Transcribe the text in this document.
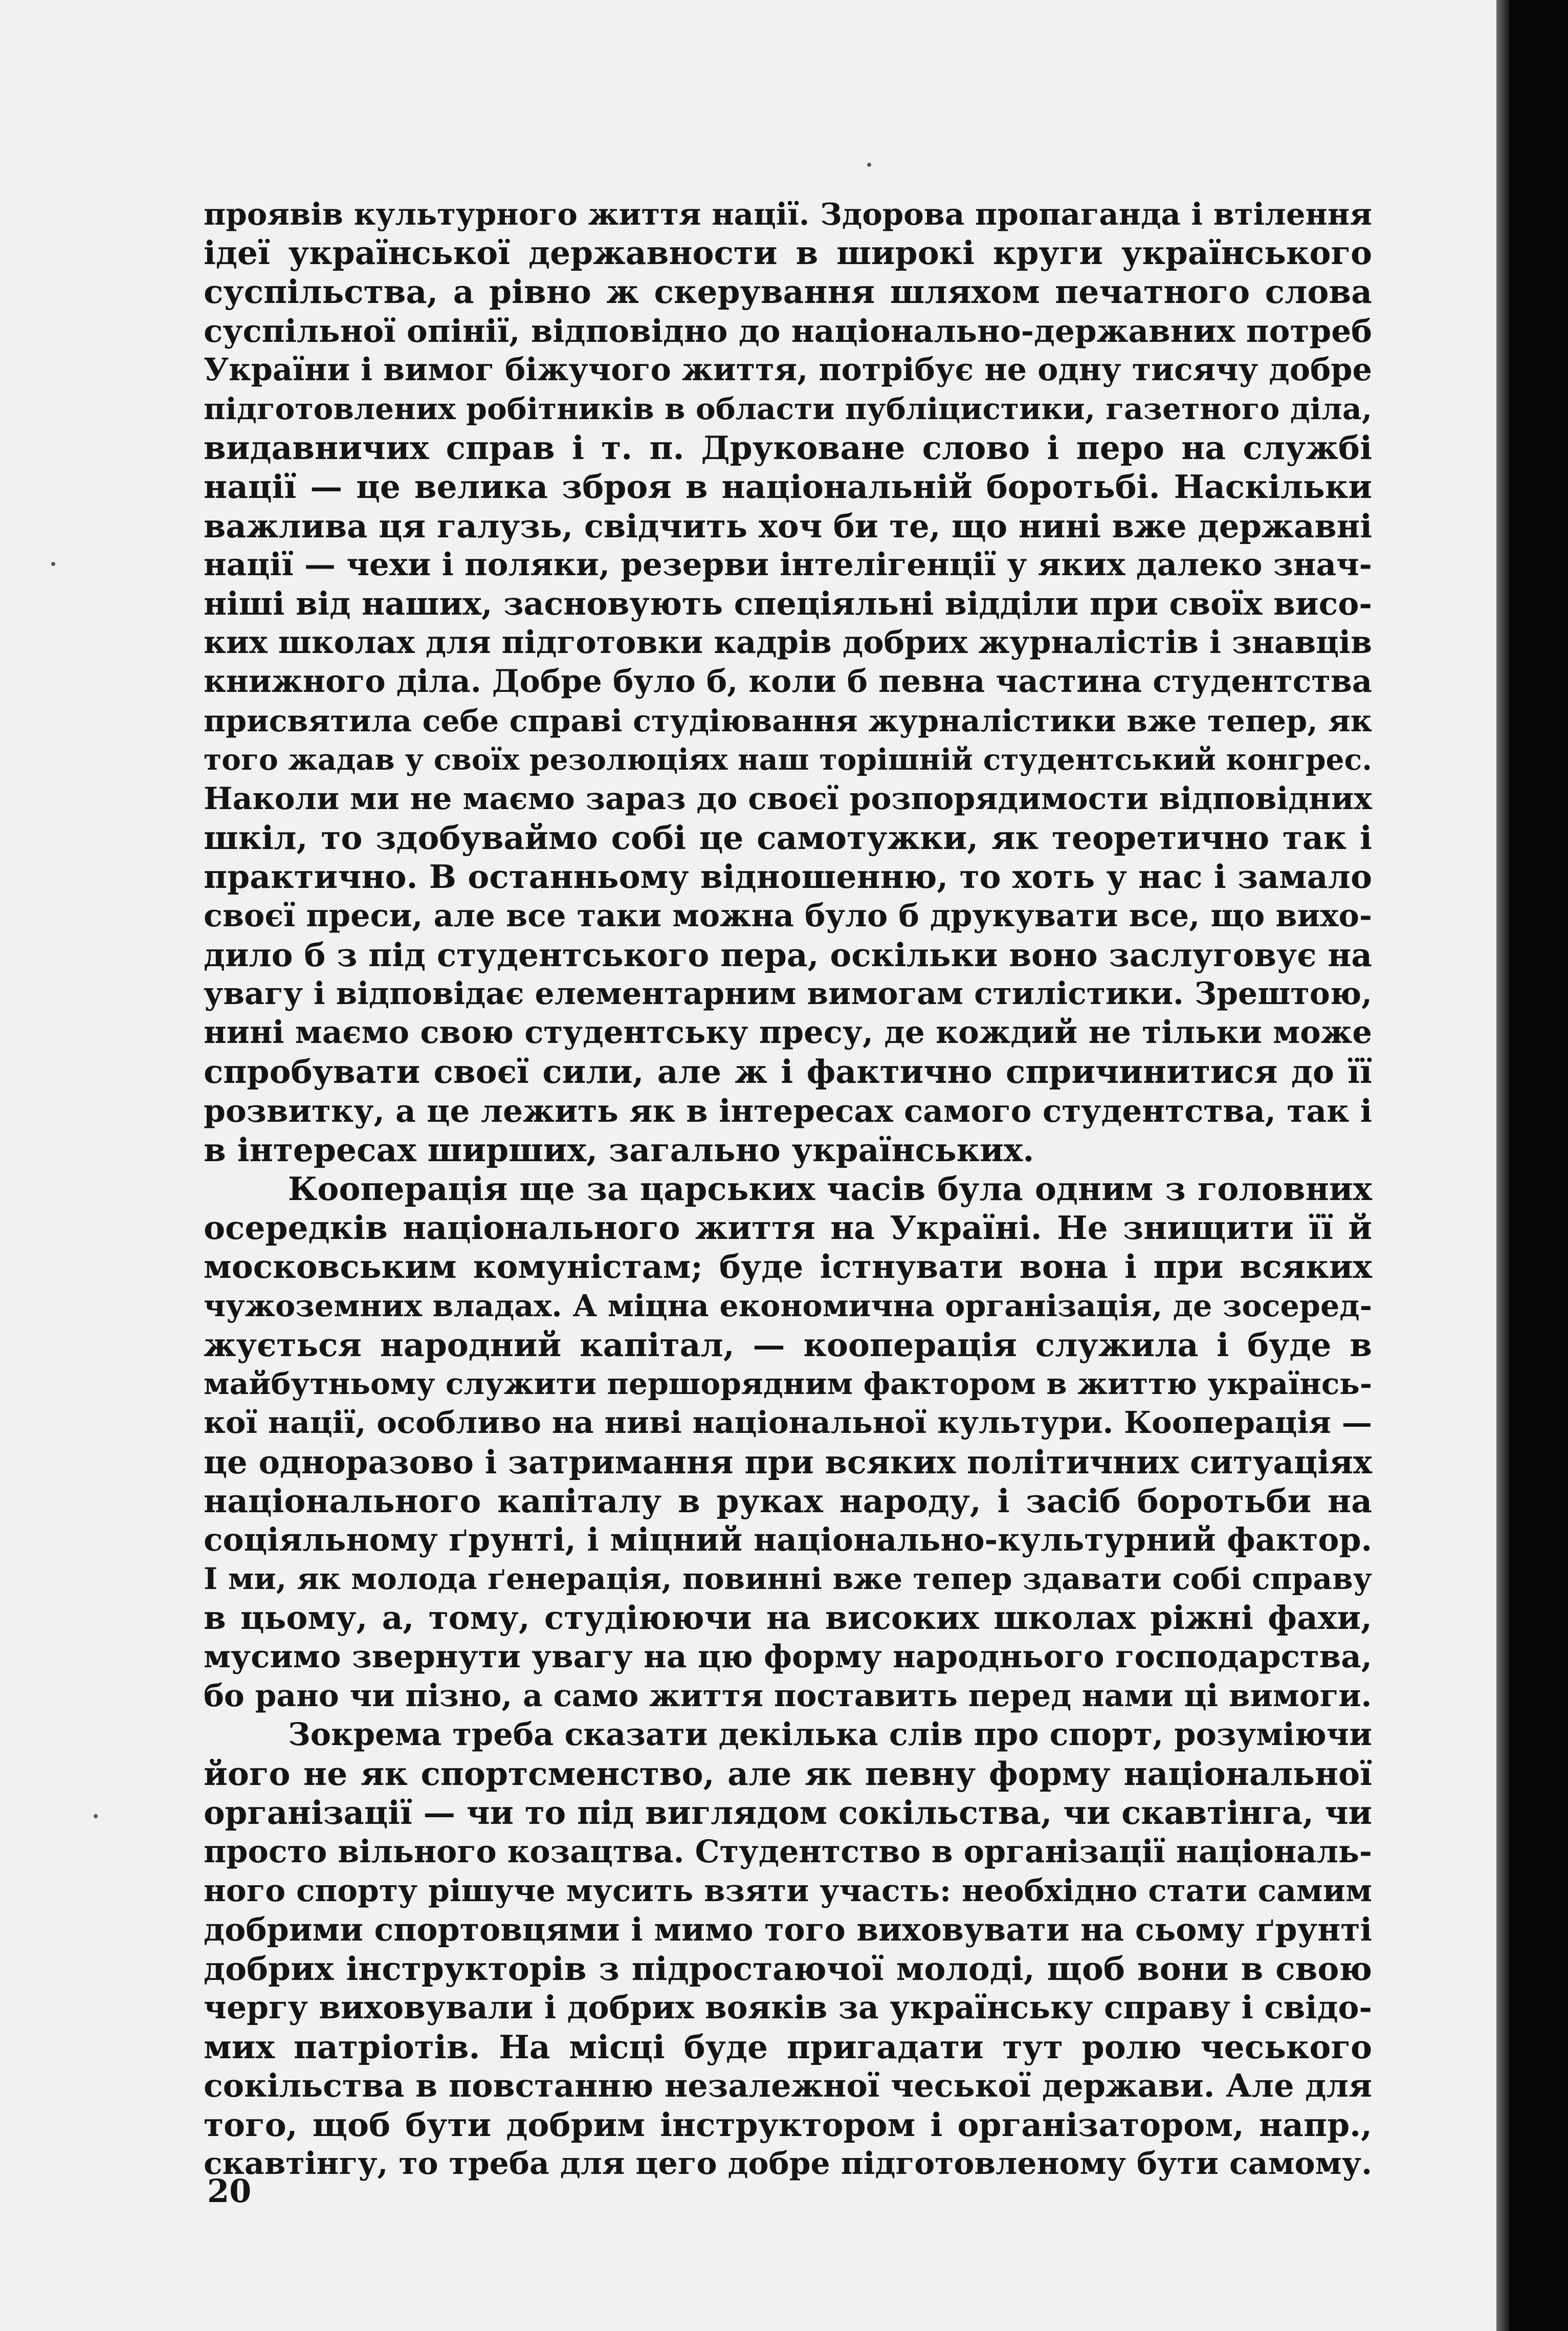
проявів культурного життя нації. Здорова пропаганда і втілення
ідеї української державности в широкі круги українського
суспільства, а рівно ж скерування шляхом печатного слова
суспільної опінії, відповідно до національно-державних потреб
України і вимог біжучого життя, потрібує не одну тисячу добре
підготовлених робітників в области публіцистики, газетного діла,
видавничих справ і т. п. Друковане слово і перо на службі
нації — це велика зброя в національній боротьбі. Наскільки
важлива ця галузь, свідчить хоч би те, що нині вже державні
нації — чехи і поляки, резерви інтелігенції у яких далеко знач-
ніші від наших, засновують спеціяльні відділи при своїх висо-
ких школах для підготовки кадрів добрих журналістів і знавців
книжного діла. Добре було б, коли б певна частина студентства
присвятила себе справі студіювання журналістики вже тепер, як
того жадав у своїх резолюціях наш торішній студентський конгрес.
Наколи ми не маємо зараз до своєї розпорядимости відповідних
шкіл, то здобуваймо собі це самотужки, як теоретично так і
практично. В останньому відношенню, то хоть у нас і замало
своєї преси, але все таки можна було б друкувати все, що вихо-
дило б з під студентського пера, оскільки воно заслуговує на
увагу і відповідає елементарним вимогам стилістики. Зрештою,
нині маємо свою студентську пресу, де кождий не тільки може
спробувати своєї сили, але ж і фактично спричинитися до її
розвитку, а це лежить як в інтересах самого студентства, так і
в інтересах ширших, загально українських.

Кооперація ще за царських часів була одним з головних
осередків національного життя на Україні. Не знищити її й
московським комуністам; буде істнувати вона і при всяких
чужоземних владах. А міцна економична організація, де зосеред-
жується народний капітал, — кооперація служила і буде в
майбутньому служити першорядним фактором в життю українсь-
кої нації, особливо на ниві національної культури. Кооперація —
це одноразово і затримання при всяких політичних ситуаціях
національного капіталу в руках народу, і засіб боротьби на
соціяльному ґрунті, і міцний національно-культурний фактор.
І ми, як молода ґенерація, повинні вже тепер здавати собі справу
в цьому, а, тому, студіюючи на високих школах ріжні фахи,
мусимо звернути увагу на цю форму народнього господарства,
бо рано чи пізно, а само життя поставить перед нами ці вимоги.

Зокрема треба сказати декілька слів про спорт, розуміючи
його не як спортсменство, але як певну форму національної
організації — чи то під виглядом сокільства, чи скавтінга, чи
просто вільного козацтва. Студентство в організації національ-
ного спорту рішуче мусить взяти участь: необхідно стати самим
добрими спортовцями і мимо того виховувати на сьому ґрунті
добрих інструкторів з підростаючої молоді, щоб вони в свою
чергу виховували і добрих вояків за українську справу і свідо-
мих патріотів. На місці буде пригадати тут ролю чеського
сокільства в повстанню незалежної чеської держави. Але для
того, щоб бути добрим інструктором і організатором, напр.,
скавтінгу, то треба для цего добре підготовленому бути самому.

20
